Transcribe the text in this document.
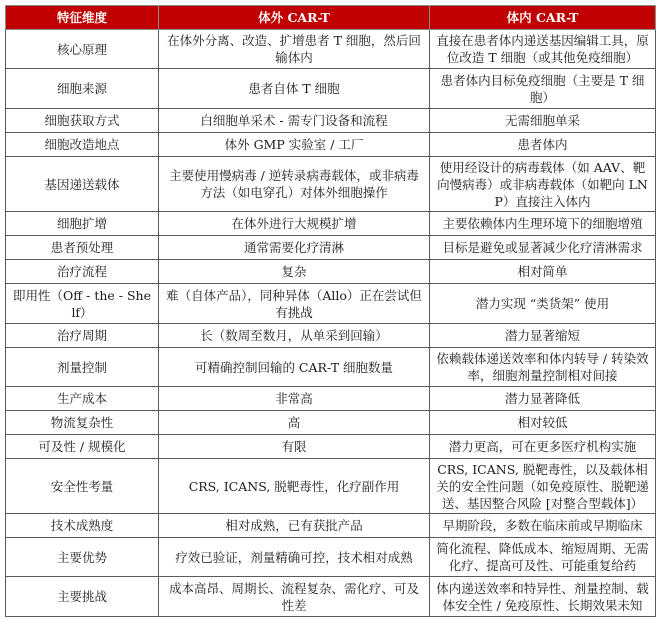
特征维度	体外 CAR-T	体内 CAR-T
核心原理	在体外分离、改造、扩增患者 T 细胞，然后回输体内	直接在患者体内递送基因编辑工具，原位改造 T 细胞（或其他免疫细胞）
细胞来源	患者自体 T 细胞	患者体内目标免疫细胞（主要是 T 细胞）
细胞获取方式	白细胞单采术 - 需专门设备和流程	无需细胞单采
细胞改造地点	体外 GMP 实验室 / 工厂	患者体内
基因递送载体	主要使用慢病毒 / 逆转录病毒载体，或非病毒方法（如电穿孔）对体外细胞操作	使用经设计的病毒载体（如 AAV、靶向慢病毒）或非病毒载体（如靶向 LNP）直接注入体内
细胞扩增	在体外进行大规模扩增	主要依赖体内生理环境下的细胞增殖
患者预处理	通常需要化疗清淋	目标是避免或显著减少化疗清淋需求
治疗流程	复杂	相对简单
即用性（Off - the - Shelf）	难（自体产品），同种异体（Allo）正在尝试但有挑战	潜力实现 “类货架” 使用
治疗周期	长（数周至数月，从单采到回输）	潜力显著缩短
剂量控制	可精确控制回输的 CAR-T 细胞数量	依赖载体递送效率和体内转导 / 转染效率，细胞剂量控制相对间接
生产成本	非常高	潜力显著降低
物流复杂性	高	相对较低
可及性 / 规模化	有限	潜力更高，可在更多医疗机构实施
安全性考量	CRS, ICANS, 脱靶毒性，化疗副作用	CRS, ICANS, 脱靶毒性，以及载体相关的安全性问题（如免疫原性、脱靶递送、基因整合风险 [对整合型载体]）
技术成熟度	相对成熟，已有获批产品	早期阶段，多数在临床前或早期临床
主要优势	疗效已验证，剂量精确可控，技术相对成熟	简化流程、降低成本、缩短周期、无需化疗、提高可及性、可能重复给药
主要挑战	成本高昂、周期长、流程复杂、需化疗、可及性差	体内递送效率和特异性、剂量控制、载体安全性 / 免疫原性、长期效果未知
